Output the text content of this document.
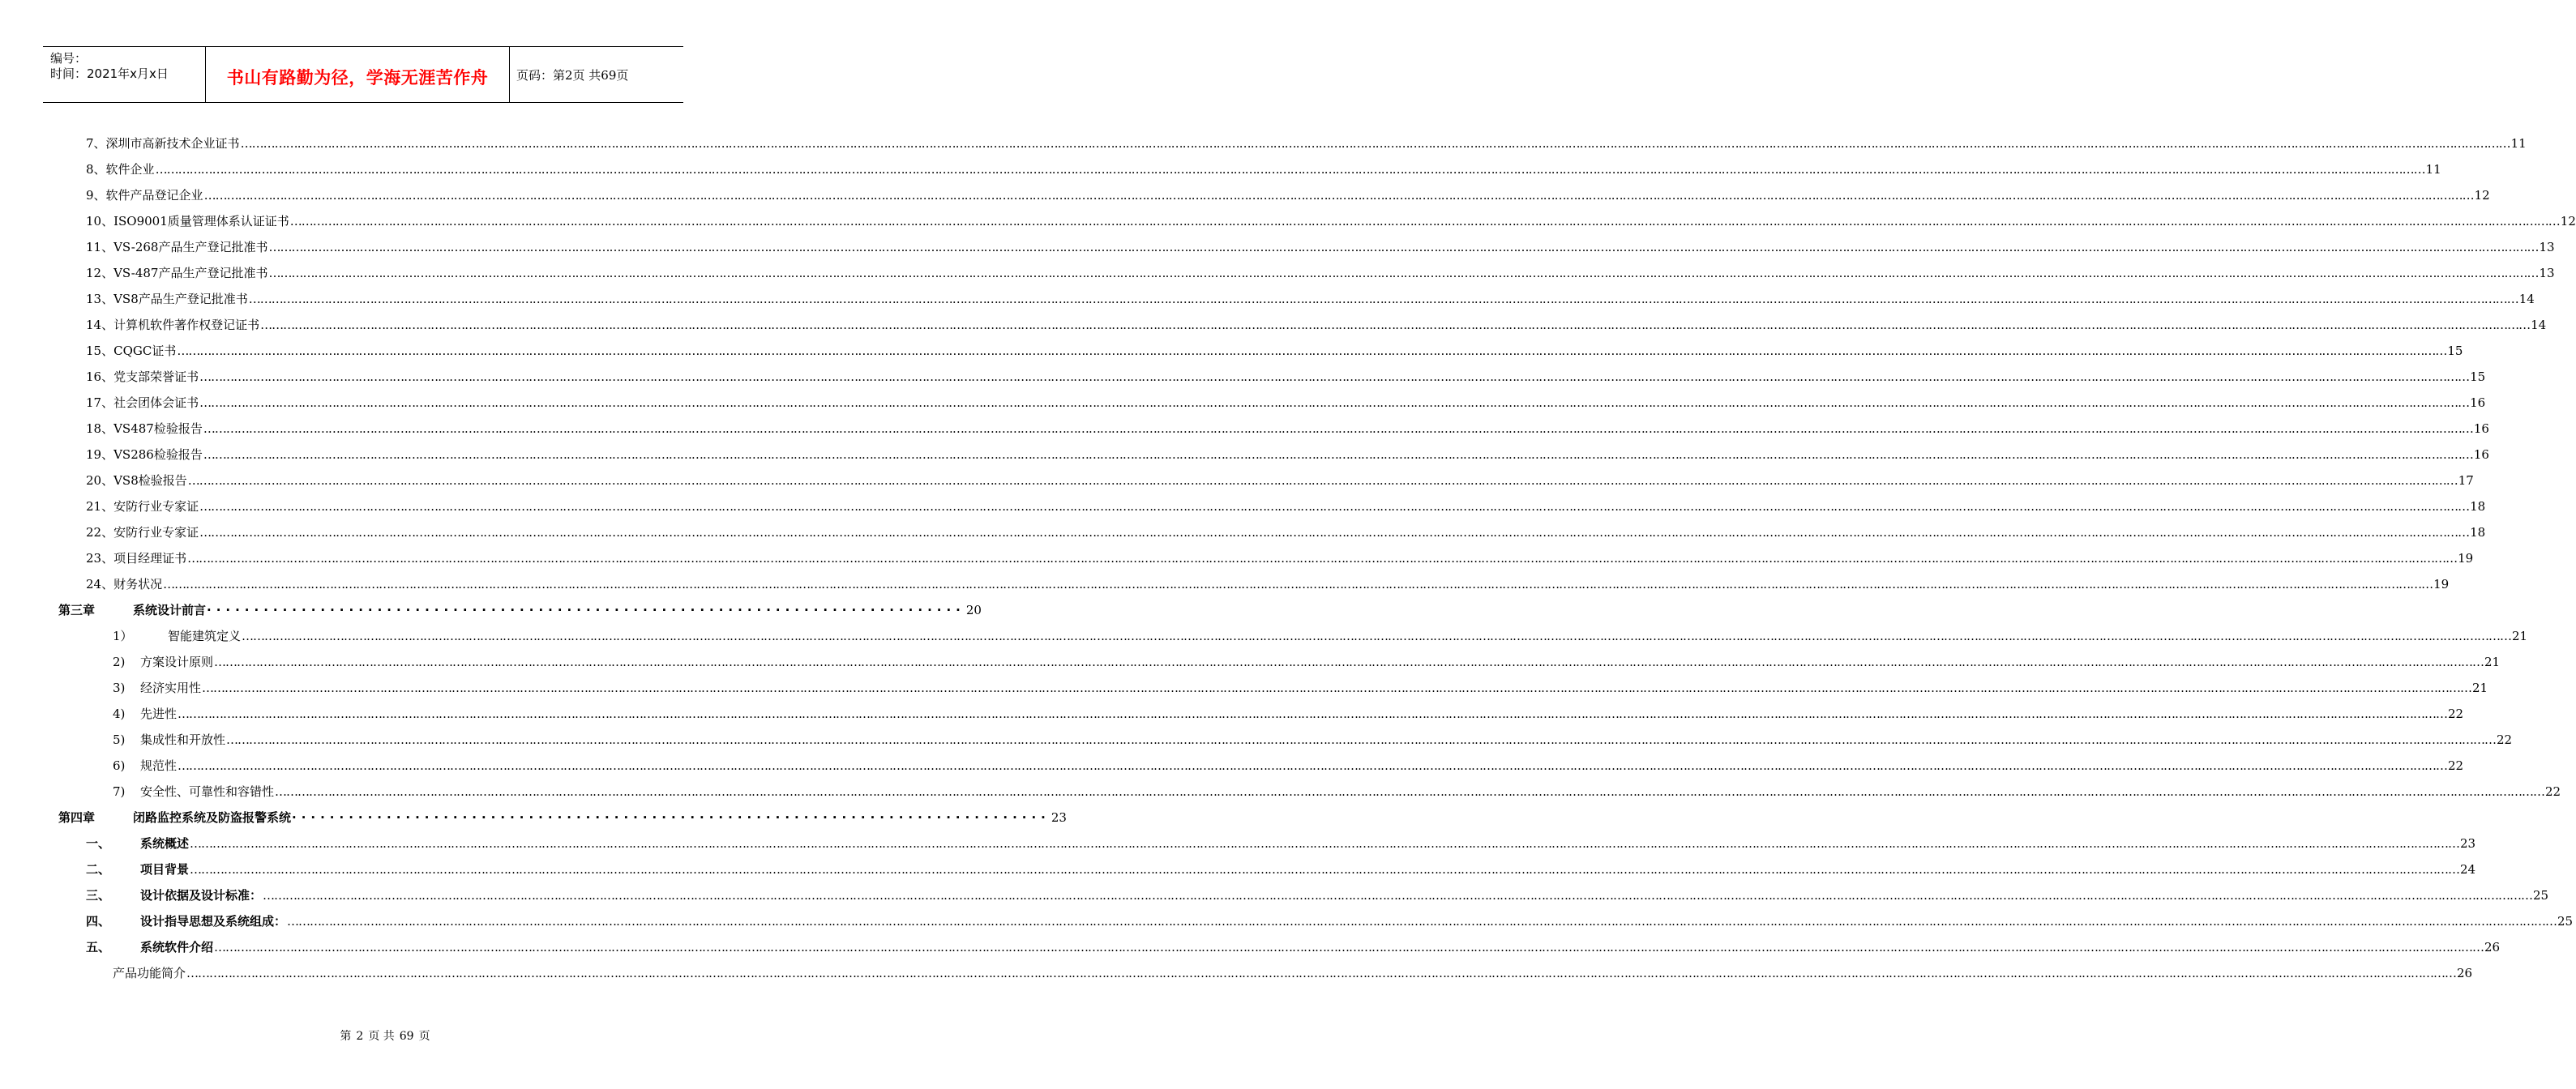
编号：
时间：2021年x月x日	书山有路勤为径，学海无涯苦作舟	页码：第2页 共69页
7、 深圳市高新技术企业证书 …………………………………………………………………………………………………………………………………………………………………………………………………………………………………………………………………………………………………………………………………………………………………………………………………………………………………………………………………………………………………………………………………………………… 11
8、 软件企业 …………………………………………………………………………………………………………………………………………………………………………………………………………………………………………………………………………………………………………………………………………………………………………………………………………………………………………………………………………………………………………………………………………………… 11
9、 软件产品登记企业 …………………………………………………………………………………………………………………………………………………………………………………………………………………………………………………………………………………………………………………………………………………………………………………………………………………………………………………………………………………………………………………………………………………… 12
10、 ISO9001质量管理体系认证证书 …………………………………………………………………………………………………………………………………………………………………………………………………………………………………………………………………………………………………………………………………………………………………………………………………………………………………………………………………………………………………………………………………………………… 12
11、 VS-268产品生产登记批准书 …………………………………………………………………………………………………………………………………………………………………………………………………………………………………………………………………………………………………………………………………………………………………………………………………………………………………………………………………………………………………………………………………………………… 13
12、 VS-487产品生产登记批准书 …………………………………………………………………………………………………………………………………………………………………………………………………………………………………………………………………………………………………………………………………………………………………………………………………………………………………………………………………………………………………………………………………………………… 13
13、 VS8产品生产登记批准书 …………………………………………………………………………………………………………………………………………………………………………………………………………………………………………………………………………………………………………………………………………………………………………………………………………………………………………………………………………………………………………………………………………………… 14
14、 计算机软件著作权登记证书 …………………………………………………………………………………………………………………………………………………………………………………………………………………………………………………………………………………………………………………………………………………………………………………………………………………………………………………………………………………………………………………………………………………… 14
15、 CQGC证书 …………………………………………………………………………………………………………………………………………………………………………………………………………………………………………………………………………………………………………………………………………………………………………………………………………………………………………………………………………………………………………………………………………………… 15
16、 党支部荣誉证书 …………………………………………………………………………………………………………………………………………………………………………………………………………………………………………………………………………………………………………………………………………………………………………………………………………………………………………………………………………………………………………………………………………………… 15
17、 社会团体会证书 …………………………………………………………………………………………………………………………………………………………………………………………………………………………………………………………………………………………………………………………………………………………………………………………………………………………………………………………………………………………………………………………………………………… 16
18、 VS487检验报告 …………………………………………………………………………………………………………………………………………………………………………………………………………………………………………………………………………………………………………………………………………………………………………………………………………………………………………………………………………………………………………………………………………………… 16
19、 VS286检验报告 …………………………………………………………………………………………………………………………………………………………………………………………………………………………………………………………………………………………………………………………………………………………………………………………………………………………………………………………………………………………………………………………………………………… 16
20、 VS8检验报告 …………………………………………………………………………………………………………………………………………………………………………………………………………………………………………………………………………………………………………………………………………………………………………………………………………………………………………………………………………………………………………………………………………………… 17
21、 安防行业专家证 …………………………………………………………………………………………………………………………………………………………………………………………………………………………………………………………………………………………………………………………………………………………………………………………………………………………………………………………………………………………………………………………………………………… 18
22、 安防行业专家证 …………………………………………………………………………………………………………………………………………………………………………………………………………………………………………………………………………………………………………………………………………………………………………………………………………………………………………………………………………………………………………………………………………………… 18
23、 项目经理证书 …………………………………………………………………………………………………………………………………………………………………………………………………………………………………………………………………………………………………………………………………………………………………………………………………………………………………………………………………………………………………………………………………………………… 19
24、 财务状况 …………………………………………………………………………………………………………………………………………………………………………………………………………………………………………………………………………………………………………………………………………………………………………………………………………………………………………………………………………………………………………………………………………………… 19
第三章	系统设计前言 ················································································ 20
1）	智能建筑定义 …………………………………………………………………………………………………………………………………………………………………………………………………………………………………………………………………………………………………………………………………………………………………………………………………………………………………………………………………………………………………………………………………………………… 21
2)	方案设计原则 …………………………………………………………………………………………………………………………………………………………………………………………………………………………………………………………………………………………………………………………………………………………………………………………………………………………………………………………………………………………………………………………………………………… 21
3)	经济实用性 …………………………………………………………………………………………………………………………………………………………………………………………………………………………………………………………………………………………………………………………………………………………………………………………………………………………………………………………………………………………………………………………………………………… 21
4)	先进性 …………………………………………………………………………………………………………………………………………………………………………………………………………………………………………………………………………………………………………………………………………………………………………………………………………………………………………………………………………………………………………………………………………………… 22
5)	集成性和开放性 …………………………………………………………………………………………………………………………………………………………………………………………………………………………………………………………………………………………………………………………………………………………………………………………………………………………………………………………………………………………………………………………………………………… 22
6)	规范性 …………………………………………………………………………………………………………………………………………………………………………………………………………………………………………………………………………………………………………………………………………………………………………………………………………………………………………………………………………………………………………………………………………………… 22
7)	安全性、可靠性和容错性 …………………………………………………………………………………………………………………………………………………………………………………………………………………………………………………………………………………………………………………………………………………………………………………………………………………………………………………………………………………………………………………………………………………… 22
第四章	闭路监控系统及防盗报警系统 ················································································ 23
一、	系统概述 …………………………………………………………………………………………………………………………………………………………………………………………………………………………………………………………………………………………………………………………………………………………………………………………………………………………………………………………………………………………………………………………………………………… 23
二、	项目背景 …………………………………………………………………………………………………………………………………………………………………………………………………………………………………………………………………………………………………………………………………………………………………………………………………………………………………………………………………………………………………………………………………………………… 24
三、	设计依据及设计标准： …………………………………………………………………………………………………………………………………………………………………………………………………………………………………………………………………………………………………………………………………………………………………………………………………………………………………………………………………………………………………………………………………………………… 25
四、	设计指导思想及系统组成： …………………………………………………………………………………………………………………………………………………………………………………………………………………………………………………………………………………………………………………………………………………………………………………………………………………………………………………………………………………………………………………………………………………… 25
五、	系统软件介绍 …………………………………………………………………………………………………………………………………………………………………………………………………………………………………………………………………………………………………………………………………………………………………………………………………………………………………………………………………………………………………………………………………………………… 26
产品功能简介 …………………………………………………………………………………………………………………………………………………………………………………………………………………………………………………………………………………………………………………………………………………………………………………………………………………………………………………………………………………………………………………………………………………… 26
第 2 页 共 69 页
